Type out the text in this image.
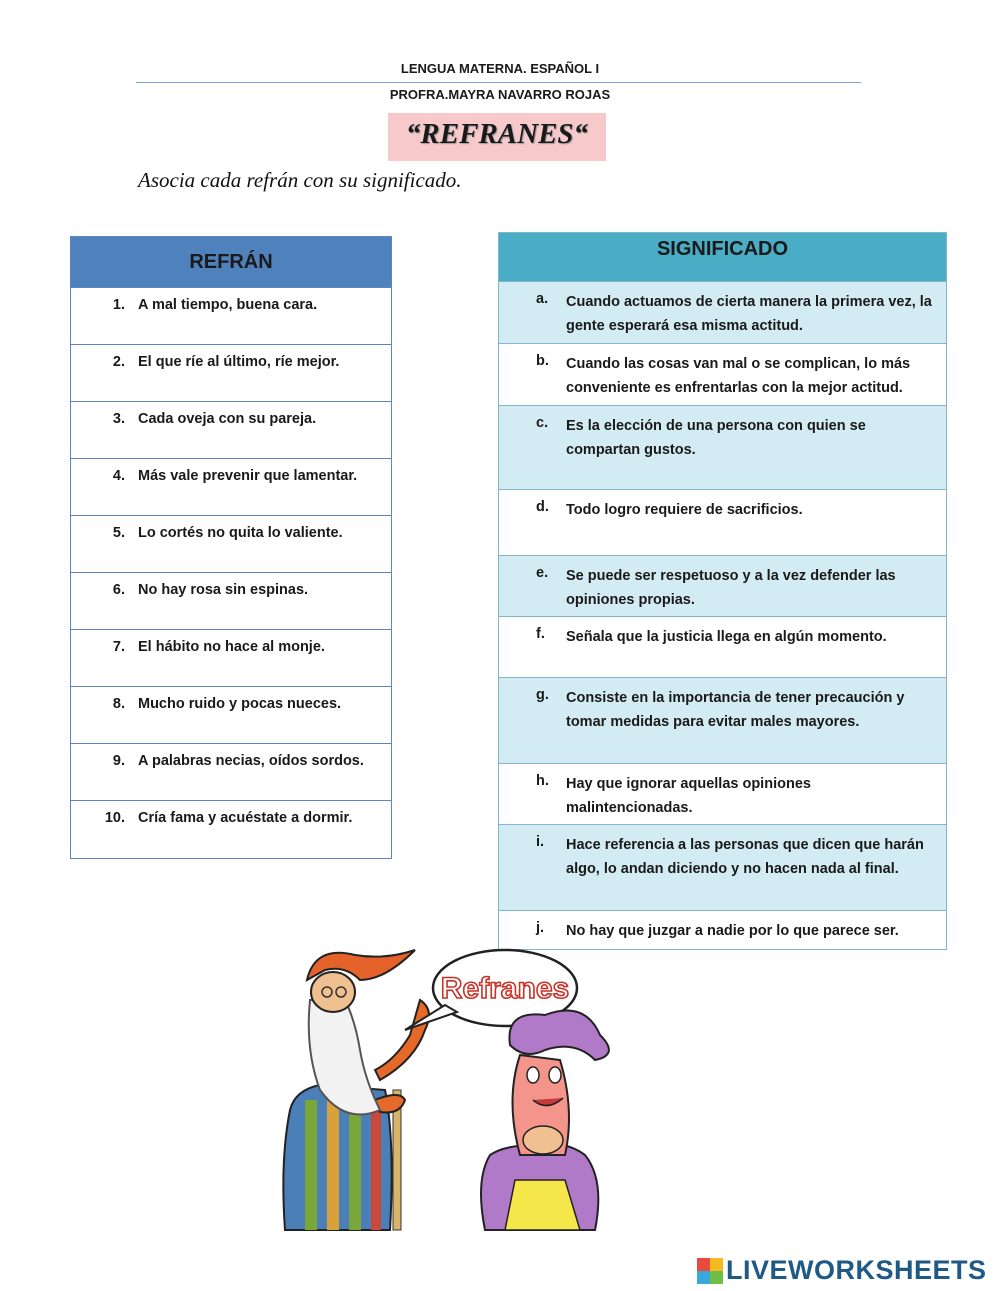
LENGUA MATERNA. ESPAÑOL I
PROFRA.MAYRA NAVARRO ROJAS
“REFRANES“
Asocia cada refrán con su significado.
REFRÁN
1. A mal tiempo, buena cara.
2. El que ríe al último, ríe mejor.
3. Cada oveja con su pareja.
4. Más vale prevenir que lamentar.
5. Lo cortés no quita lo valiente.
6. No hay rosa sin espinas.
7. El hábito no hace al monje.
8. Mucho ruido y pocas nueces.
9. A palabras necias, oídos sordos.
10. Cría fama y acuéstate a dormir.
SIGNIFICADO
a. Cuando actuamos de cierta manera la primera vez, la gente esperará esa misma actitud.
b. Cuando las cosas van mal o se complican, lo más conveniente es enfrentarlas con la mejor actitud.
c. Es la elección de una persona con quien se compartan gustos.
d. Todo logro requiere de sacrificios.
e. Se puede ser respetuoso y a la vez defender las opiniones propias.
f. Señala que la justicia llega en algún momento.
g. Consiste en la importancia de tener precaución y tomar medidas para evitar males mayores.
h. Hay que ignorar aquellas opiniones malintencionadas.
i. Hace referencia a las personas que dicen que harán algo, lo andan diciendo y no hacen nada al final.
j. No hay que juzgar a nadie por lo que parece ser.
Refranes
LIVEWORKSHEETS
